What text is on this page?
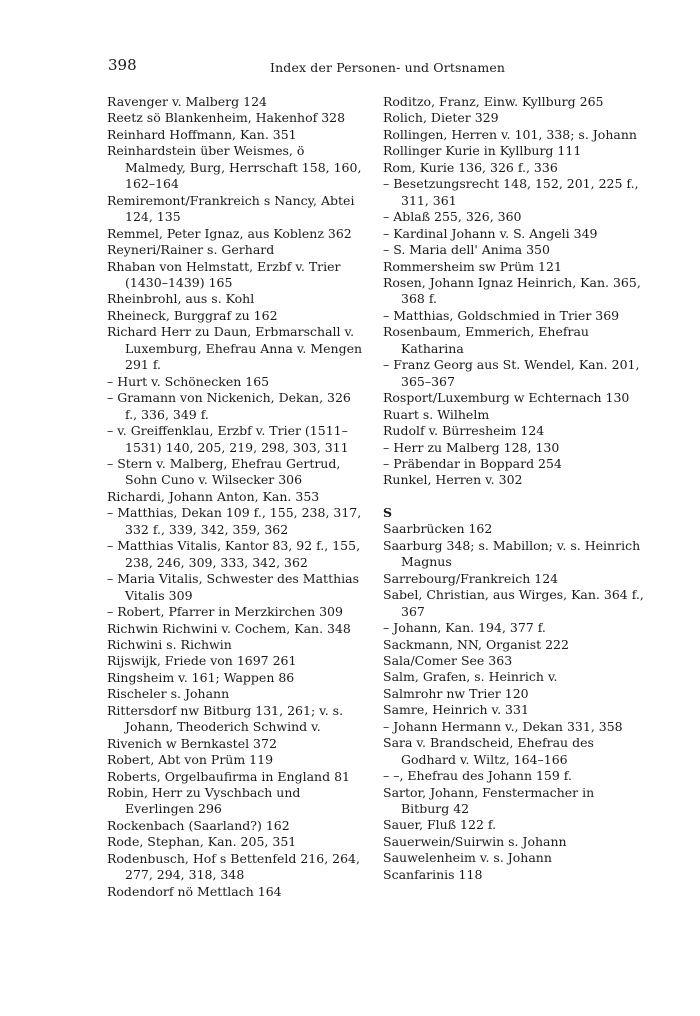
398	Index der Personen- und Ortsnamen

Ravenger v. Malberg 124

Reetz sö Blankenheim, Hakenhof 328

Reinhard Hoffmann, Kan. 351

Reinhardstein über Weismes, ö Malmedy, Burg, Herrschaft 158, 160, 162–164

Remiremont/Frankreich s Nancy, Abtei 124, 135

Remmel, Peter Ignaz, aus Koblenz 362

Reyneri/Rainer s. Gerhard

Rhaban von Helmstatt, Erzbf v. Trier (1430–1439) 165

Rheinbrohl, aus s. Kohl

Rheineck, Burggraf zu 162

Richard Herr zu Daun, Erbmarschall v. Luxemburg, Ehefrau Anna v. Mengen 291 f.

– Hurt v. Schönecken 165

– Gramann von Nickenich, Dekan, 326 f., 336, 349 f.

– v. Greiffenklau, Erzbf v. Trier (1511–1531) 140, 205, 219, 298, 303, 311

– Stern v. Malberg, Ehefrau Gertrud, Sohn Cuno v. Wilsecker 306

Richardi, Johann Anton, Kan. 353

– Matthias, Dekan 109 f., 155, 238, 317, 332 f., 339, 342, 359, 362

– Matthias Vitalis, Kantor 83, 92 f., 155, 238, 246, 309, 333, 342, 362

– Maria Vitalis, Schwester des Matthias Vitalis 309

– Robert, Pfarrer in Merzkirchen 309

Richwin Richwini v. Cochem, Kan. 348

Richwini s. Richwin

Rijswijk, Friede von 1697 261

Ringsheim v. 161; Wappen 86

Rischeler s. Johann

Rittersdorf nw Bitburg 131, 261; v. s. Johann, Theoderich Schwind v.

Rivenich w Bernkastel 372

Robert, Abt von Prüm 119

Roberts, Orgelbaufirma in England 81

Robin, Herr zu Vyschbach und Everlingen 296

Rockenbach (Saarland?) 162

Rode, Stephan, Kan. 205, 351

Rodenbusch, Hof s Bettenfeld 216, 264, 277, 294, 318, 348

Rodendorf nö Mettlach 164

Roditzo, Franz, Einw. Kyllburg 265

Rolich, Dieter 329

Rollingen, Herren v. 101, 338; s. Johann

Rollinger Kurie in Kyllburg 111

Rom, Kurie 136, 326 f., 336

– Besetzungsrecht 148, 152, 201, 225 f., 311, 361

– Ablaß 255, 326, 360

– Kardinal Johann v. S. Angeli 349

– S. Maria dell' Anima 350

Rommersheim sw Prüm 121

Rosen, Johann Ignaz Heinrich, Kan. 365, 368 f.

– Matthias, Goldschmied in Trier 369

Rosenbaum, Emmerich, Ehefrau Katharina

– Franz Georg aus St. Wendel, Kan. 201, 365–367

Rosport/Luxemburg w Echternach 130

Ruart s. Wilhelm

Rudolf v. Bürresheim 124

– Herr zu Malberg 128, 130

– Präbendar in Boppard 254

Runkel, Herren v. 302

S

Saarbrücken 162

Saarburg 348; s. Mabillon; v. s. Heinrich Magnus

Sarrebourg/Frankreich 124

Sabel, Christian, aus Wirges, Kan. 364 f., 367

– Johann, Kan. 194, 377 f.

Sackmann, NN, Organist 222

Sala/Comer See 363

Salm, Grafen, s. Heinrich v.

Salmrohr nw Trier 120

Samre, Heinrich v. 331

– Johann Hermann v., Dekan 331, 358

Sara v. Brandscheid, Ehefrau des Godhard v. Wiltz, 164–166

– –, Ehefrau des Johann 159 f.

Sartor, Johann, Fenstermacher in Bitburg 42

Sauer, Fluß 122 f.

Sauerwein/Suirwin s. Johann

Sauwelenheim v. s. Johann

Scanfarinis 118
